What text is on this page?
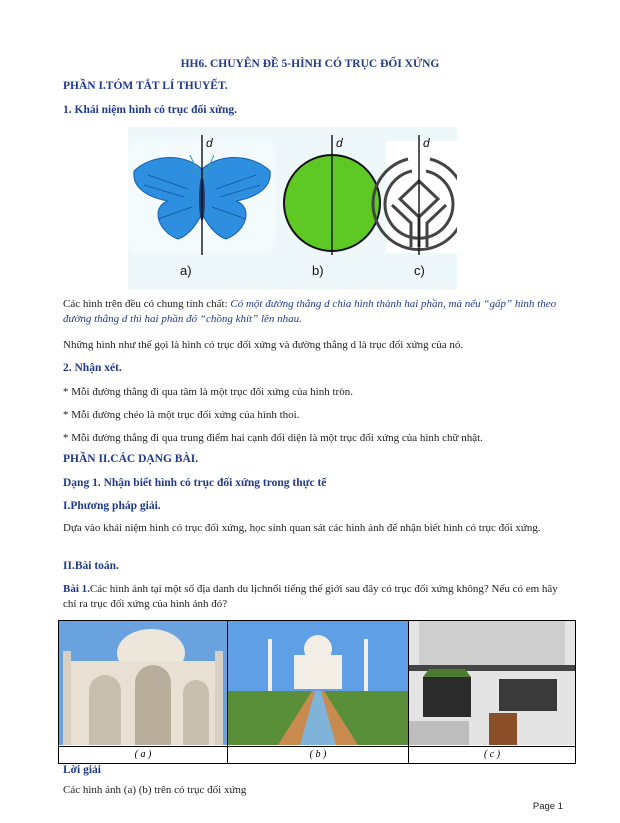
HH6. CHUYÊN ĐỀ 5-HÌNH CÓ TRỤC ĐỐI XỨNG
PHẦN I.TÓM TẮT LÍ THUYẾT.
1. Khái niệm hình có trục đối xứng.
d
a)
d
b)
d
c)
Các hình trên đều có chung tính chất: Có một đường thẳng d chia hình thành hai phần, mà nếu “gấp” hình theo đường thẳng d thì hai phần đó “chồng khít” lên nhau.
Những hình như thế gọi là hình có trục đối xứng và đường thẳng d là trục đối xứng của nó.
2. Nhận xét.
* Mỗi đường thẳng đi qua tâm là một trục đối xứng của hình tròn.
* Mỗi đường chéo là một trục đối xứng của hình thoi.
* Mỗi đường thẳng đi qua trung điểm hai cạnh đối diện là một trục đối xứng của hình chữ nhật.
PHẦN II.CÁC DẠNG BÀI.
Dạng 1. Nhận biết hình có trục đối xứng trong thực tế
I.Phương pháp giải.
Dựa vào khái niệm hình có trục đối xứng, học sinh quan sát các hình ảnh để nhận biết hình có trục đối xứng.
II.Bài toán.
Bài 1.Các hình ảnh tại một số địa danh du lịchnổi tiếng thế giới sau đây có trục đối xứng không? Nếu có em hãy chỉ ra trục đối xứng của hình ảnh đó?
( a )	( b )	( c )
Lời giải
Các hình ảnh (a) (b) trên có trục đối xứng
Page 1
